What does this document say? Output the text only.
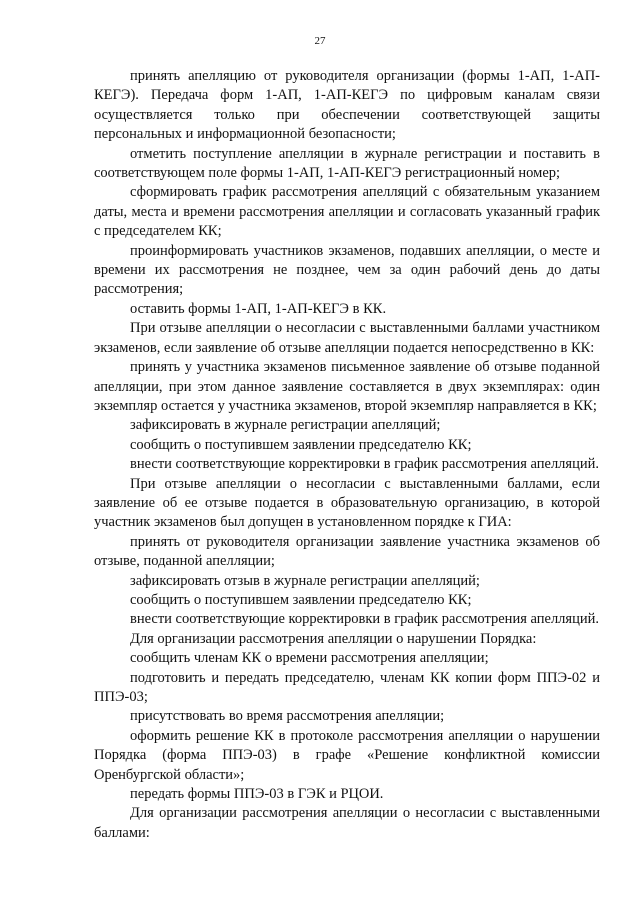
27

принять апелляцию от руководителя организации (формы 1-АП, 1-АП-КЕГЭ). Передача форм 1-АП, 1-АП-КЕГЭ по цифровым каналам связи осуществляется только при обеспечении соответствующей защиты персональных и информационной безопасности;

отметить поступление апелляции в журнале регистрации и поставить в соответствующем поле формы 1-АП, 1-АП-КЕГЭ регистрационный номер;

сформировать график рассмотрения апелляций с обязательным указанием даты, места и времени рассмотрения апелляции и согласовать указанный график с председателем КК;

проинформировать участников экзаменов, подавших апелляции, о месте и времени их рассмотрения не позднее, чем за один рабочий день до даты рассмотрения;

оставить формы 1-АП, 1-АП-КЕГЭ в КК.

При отзыве апелляции о несогласии с выставленными баллами участником экзаменов, если заявление об отзыве апелляции подается непосредственно в КК:

принять у участника экзаменов письменное заявление об отзыве поданной апелляции, при этом данное заявление составляется в двух экземплярах: один экземпляр остается у участника экзаменов, второй экземпляр направляется в КК;

зафиксировать в журнале регистрации апелляций;

сообщить о поступившем заявлении председателю КК;

внести соответствующие корректировки в график рассмотрения апелляций.

При отзыве апелляции о несогласии с выставленными баллами, если заявление об ее отзыве подается в образовательную организацию, в которой участник экзаменов был допущен в установленном порядке к ГИА:

принять от руководителя организации заявление участника экзаменов об отзыве, поданной апелляции;

зафиксировать отзыв в журнале регистрации апелляций;

сообщить о поступившем заявлении председателю КК;

внести соответствующие корректировки в график рассмотрения апелляций.

Для организации рассмотрения апелляции о нарушении Порядка:

сообщить членам КК о времени рассмотрения апелляции;

подготовить и передать председателю, членам КК копии форм ППЭ-02 и ППЭ-03;

присутствовать во время рассмотрения апелляции;

оформить решение КК в протоколе рассмотрения апелляции о нарушении Порядка (форма ППЭ-03) в графе «Решение конфликтной комиссии Оренбургской области»;

передать формы ППЭ-03 в ГЭК и РЦОИ.

Для организации рассмотрения апелляции о несогласии с выставленными баллами:
